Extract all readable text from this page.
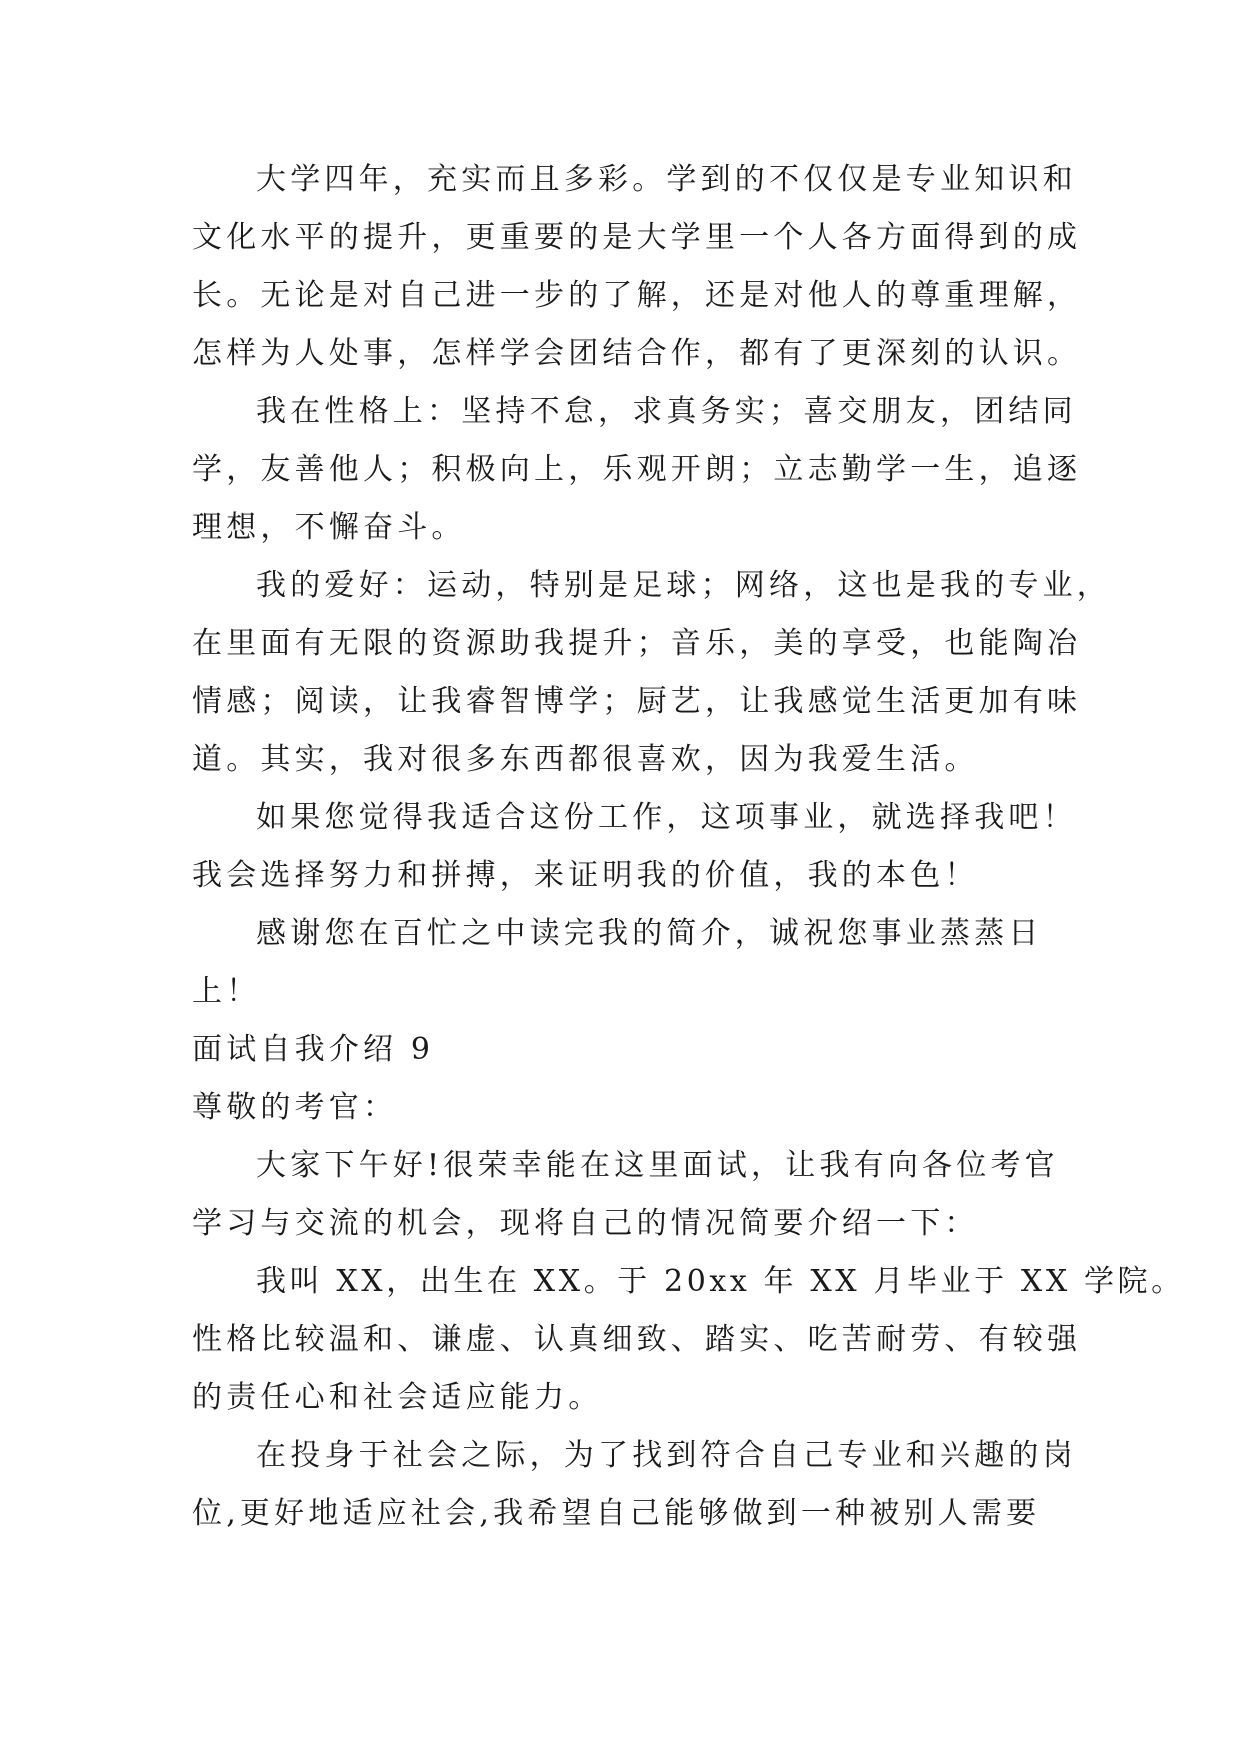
大学四年，充实而且多彩。学到的不仅仅是专业知识和
文化水平的提升，更重要的是大学里一个人各方面得到的成
长。无论是对自己进一步的了解，还是对他人的尊重理解，
怎样为人处事，怎样学会团结合作，都有了更深刻的认识。
我在性格上：坚持不怠，求真务实；喜交朋友，团结同
学，友善他人；积极向上，乐观开朗；立志勤学一生，追逐
理想，不懈奋斗。
我的爱好：运动，特别是足球；网络，这也是我的专业，
在里面有无限的资源助我提升；音乐，美的享受，也能陶冶
情感；阅读，让我睿智博学；厨艺，让我感觉生活更加有味
道。其实，我对很多东西都很喜欢，因为我爱生活。
如果您觉得我适合这份工作，这项事业，就选择我吧！
我会选择努力和拼搏，来证明我的价值，我的本色！
感谢您在百忙之中读完我的简介，诚祝您事业蒸蒸日
上！
面试自我介绍 9
尊敬的考官：
大家下午好!很荣幸能在这里面试，让我有向各位考官
学习与交流的机会，现将自己的情况简要介绍一下：
我叫 XX，出生在 XX。于 20xx 年 XX 月毕业于 XX 学院。
性格比较温和、谦虚、认真细致、踏实、吃苦耐劳、有较强
的责任心和社会适应能力。
在投身于社会之际，为了找到符合自己专业和兴趣的岗
位,更好地适应社会,我希望自己能够做到一种被别人需要
